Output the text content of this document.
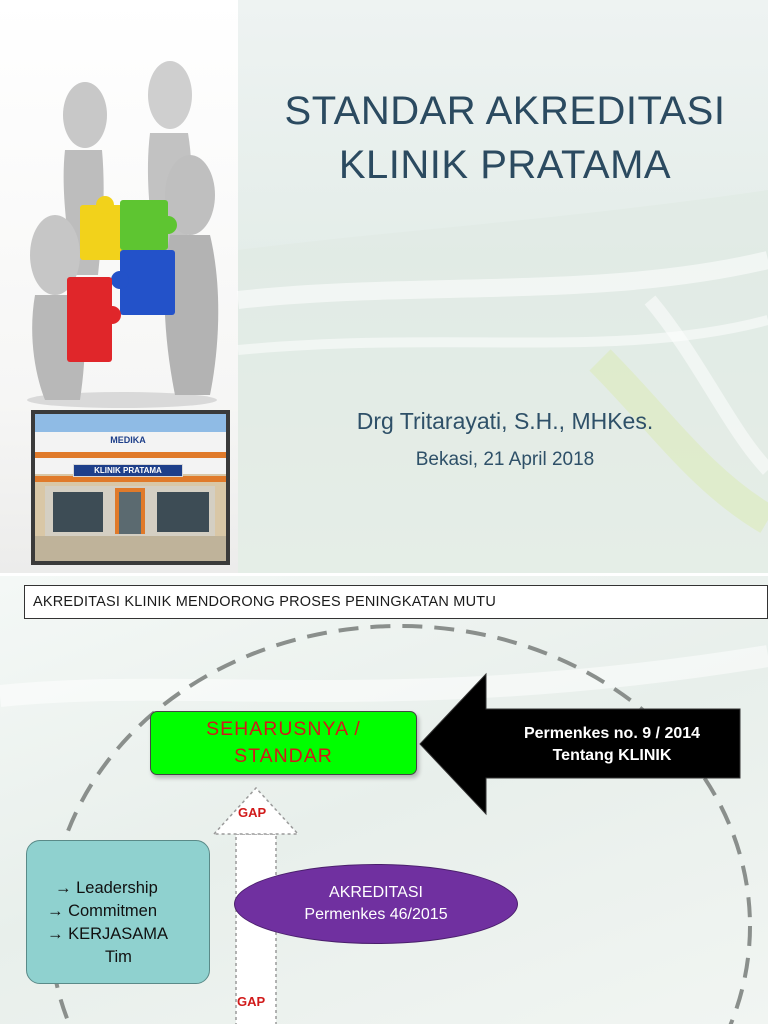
MEDIKA
KLINIK PRATAMA
STANDAR AKREDITASI
KLINIK PRATAMA
Drg Tritarayati, S.H., MHKes.
Bekasi, 21 April 2018
AKREDITASI KLINIK MENDORONG PROSES PENINGKATAN MUTU
SEHARUSNYA /
STANDAR
Permenkes no. 9 / 2014
Tentang KLINIK
GAP
GAP
→ Leadership
→ Commitmen
→ KERJASAMA
Tim
AKREDITASI
Permenkes 46/2015
